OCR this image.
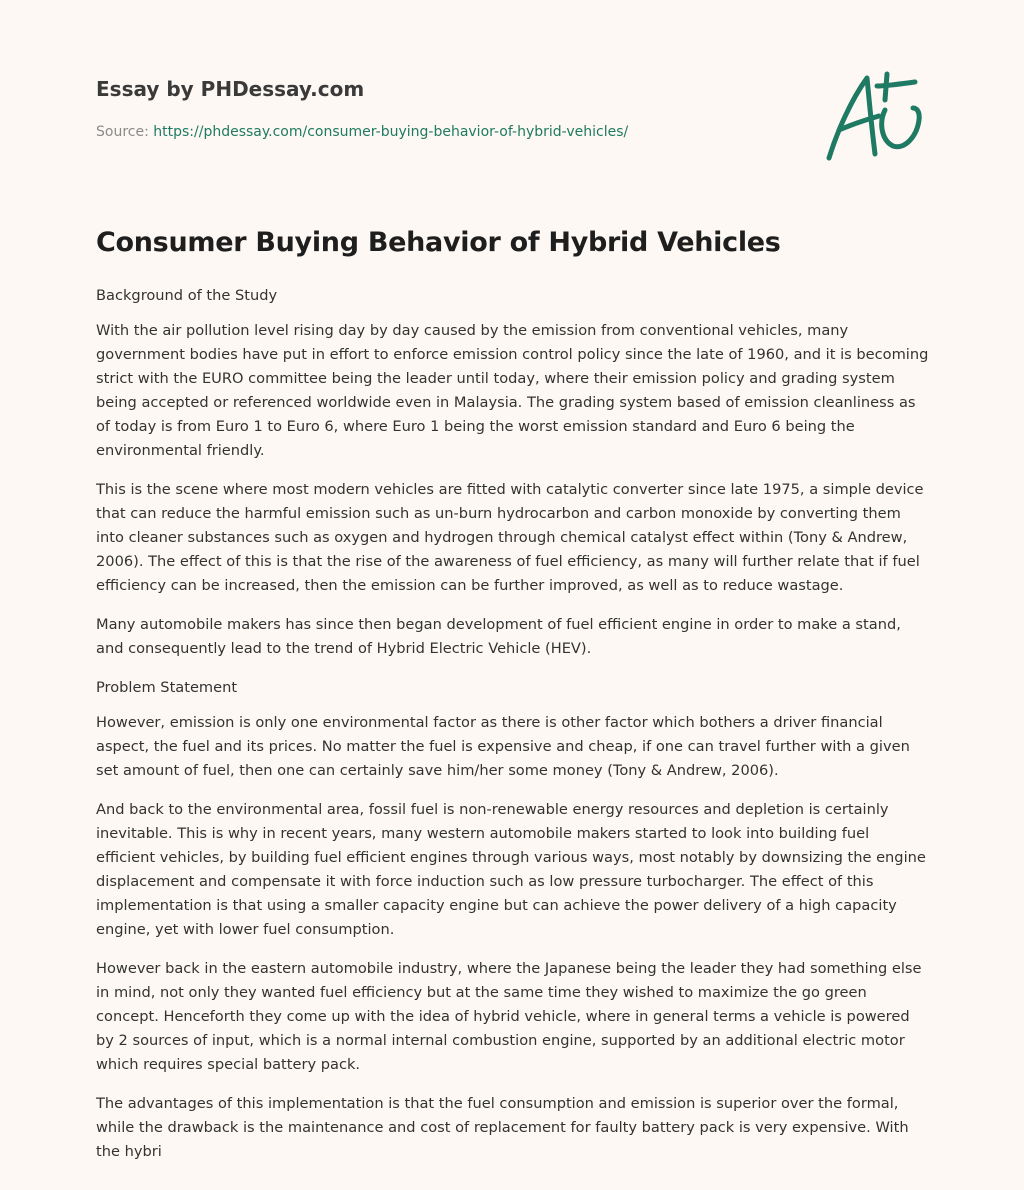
Essay by PHDessay.com
Source: https://phdessay.com/consumer-buying-behavior-of-hybrid-vehicles/
Consumer Buying Behavior of Hybrid Vehicles

Background of the Study

With the air pollution level rising day by day caused by the emission from conventional vehicles, many government bodies have put in effort to enforce emission control policy since the late of 1960, and it is becoming strict with the EURO committee being the leader until today, where their emission policy and grading system being accepted or referenced worldwide even in Malaysia. The grading system based of emission cleanliness as of today is from Euro 1 to Euro 6, where Euro 1 being the worst emission standard and Euro 6 being the environmental friendly.

This is the scene where most modern vehicles are fitted with catalytic converter since late 1975, a simple device that can reduce the harmful emission such as un-burn hydrocarbon and carbon monoxide by converting them into cleaner substances such as oxygen and hydrogen through chemical catalyst effect within (Tony & Andrew, 2006). The effect of this is that the rise of the awareness of fuel efficiency, as many will further relate that if fuel efficiency can be increased, then the emission can be further improved, as well as to reduce wastage.

Many automobile makers has since then began development of fuel efficient engine in order to make a stand, and consequently lead to the trend of Hybrid Electric Vehicle (HEV).

Problem Statement

However, emission is only one environmental factor as there is other factor which bothers a driver financial aspect, the fuel and its prices. No matter the fuel is expensive and cheap, if one can travel further with a given set amount of fuel, then one can certainly save him/her some money (Tony & Andrew, 2006).

And back to the environmental area, fossil fuel is non-renewable energy resources and depletion is certainly inevitable. This is why in recent years, many western automobile makers started to look into building fuel efficient vehicles, by building fuel efficient engines through various ways, most notably by downsizing the engine displacement and compensate it with force induction such as low pressure turbocharger. The effect of this implementation is that using a smaller capacity engine but can achieve the power delivery of a high capacity engine, yet with lower fuel consumption.

However back in the eastern automobile industry, where the Japanese being the leader they had something else in mind, not only they wanted fuel efficiency but at the same time they wished to maximize the go green concept. Henceforth they come up with the idea of hybrid vehicle, where in general terms a vehicle is powered by 2 sources of input, which is a normal internal combustion engine, supported by an additional electric motor which requires special battery pack.

The advantages of this implementation is that the fuel consumption and emission is superior over the formal, while the drawback is the maintenance and cost of replacement for faulty battery pack is very expensive. With the hybri
